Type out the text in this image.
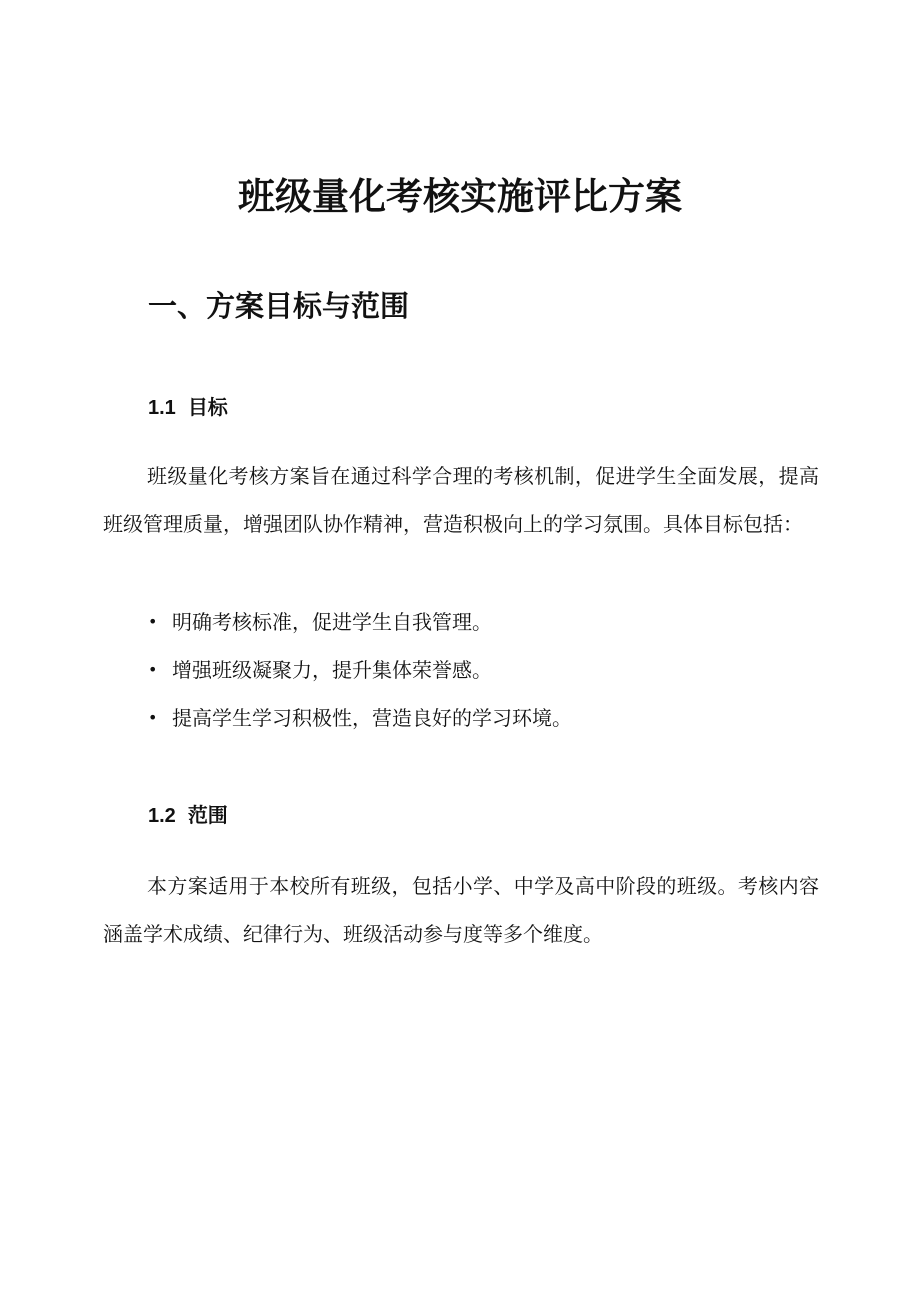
班级量化考核实施评比方案
一、方案目标与范围
1.1 目标

班级量化考核方案旨在通过科学合理的考核机制，促进学生全面发展，提高班级管理质量，增强团队协作精神，营造积极向上的学习氛围。具体目标包括：

• 明确考核标准，促进学生自我管理。
• 增强班级凝聚力，提升集体荣誉感。
• 提高学生学习积极性，营造良好的学习环境。
1.2 范围

本方案适用于本校所有班级，包括小学、中学及高中阶段的班级。考核内容涵盖学术成绩、纪律行为、班级活动参与度等多个维度。
